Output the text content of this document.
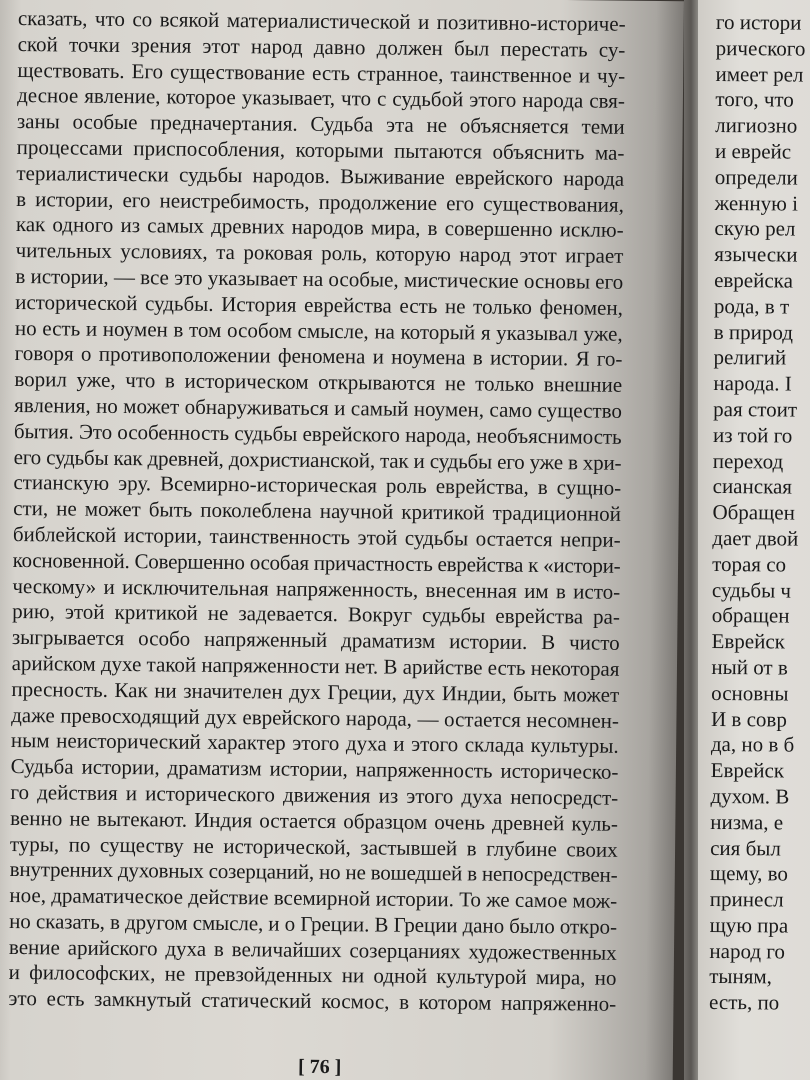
сказать, что со всякой материалистической и позитивно-историче-
ской точки зрения этот народ давно должен был перестать су-
ществовать. Его существование есть странное, таинственное и чу-
десное явление, которое указывает, что с судьбой этого народа свя-
заны особые предначертания. Судьба эта не объясняется теми
процессами приспособления, которыми пытаются объяснить ма-
териалистически судьбы народов. Выживание еврейского народа
в истории, его неистребимость, продолжение его существования,
как одного из самых древних народов мира, в совершенно исклю-
чительных условиях, та роковая роль, которую народ этот играет
в истории, — все это указывает на особые, мистические основы его
исторической судьбы. История еврейства есть не только феномен,
но есть и ноумен в том особом смысле, на который я указывал уже,
говоря о противоположении феномена и ноумена в истории. Я го-
ворил уже, что в историческом открываются не только внешние
явления, но может обнаруживаться и самый ноумен, само существо
бытия. Это особенность судьбы еврейского народа, необъяснимость
его судьбы как древней, дохристианской, так и судьбы его уже в хри-
стианскую эру. Всемирно-историческая роль еврейства, в сущно-
сти, не может быть поколеблена научной критикой традиционной
библейской истории, таинственность этой судьбы остается непри-
косновенной. Совершенно особая причастность еврейства к «истори-
ческому» и исключительная напряженность, внесенная им в исто-
рию, этой критикой не задевается. Вокруг судьбы еврейства ра-
зыгрывается особо напряженный драматизм истории. В чисто
арийском духе такой напряженности нет. В арийстве есть некоторая
пресность. Как ни значителен дух Греции, дух Индии, быть может
даже превосходящий дух еврейского народа, — остается несомнен-
ным неисторический характер этого духа и этого склада культуры.
Судьба истории, драматизм истории, напряженность историческо-
го действия и исторического движения из этого духа непосредст-
венно не вытекают. Индия остается образцом очень древней куль-
туры, по существу не исторической, застывшей в глубине своих
внутренних духовных созерцаний, но не вошедшей в непосредствен-
ное, драматическое действие всемирной истории. То же самое мож-
но сказать, в другом смысле, и о Греции. В Греции дано было откро-
вение арийского духа в величайших созерцаниях художественных
и философских, не превзойденных ни одной культурой мира, но
это есть замкнутый статический космос, в котором напряженно-
го истори
рического
имеет рел
того, что
лигиозно
и еврейс
определи
женную і
скую рел
язычески
еврейска
рода, в т
в природ
религий
народа. І
рая стоит
из той го
переход
сианская
Обращен
дает двой
торая со
судьбы ч
обращен
Еврейск
ный от в
основны
И в совр
да, но в б
Еврейск
духом. В
низма, е
сия был
щему, во
принесл
щую пра
народ го
тыням,
есть, по
[ 76 ]
